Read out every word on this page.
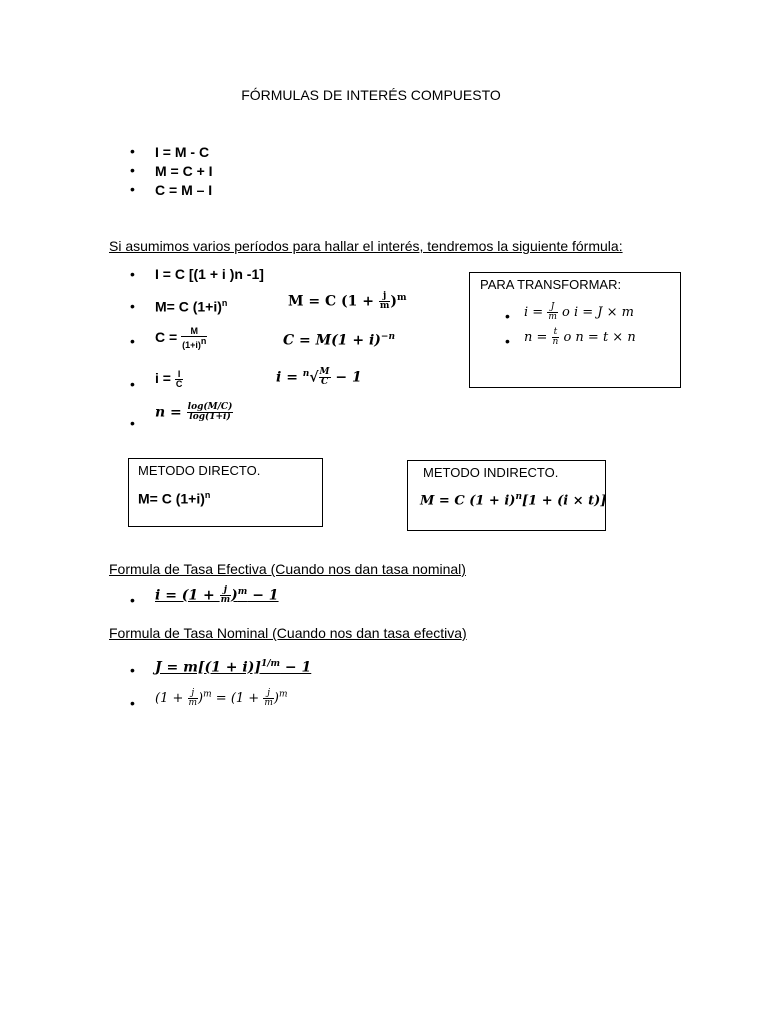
FÓRMULAS DE INTERÉS COMPUESTO
• I = M - C
• M = C + I
• C = M – I
Si asumimos varios períodos para hallar el interés, tendremos la siguiente fórmula:
• I = C [(1 + i )n -1]
• M= C $(1+i)^n$	M = C $(1 + \frac{j}{m} )^m$
• $C = \frac{M}{(1+i)^n}$	$C = M(1 + i)^{-n}$
• $i = \frac{I}{C}$	$i = ^n√ \frac{M}{C} - 1$
•
$n = \frac{\log(M/C)}{\log(1+i)}$
PARA TRANSFORMAR:
• $i = \frac{J}{m}$ o i = J × m
• $n = \frac{t}{n}$ o n = t × n
METODO DIRECTO.
M= C $(1+i)^n$
METODO INDIRECTO.
M = C $(1 + i)^n[1 + (i \times t)]$
Formula de Tasa Efectiva (Cuando nos dan tasa nominal)
• $i = (1 + \frac{j}{m} )^m - 1$
Formula de Tasa Nominal (Cuando nos dan tasa efectiva)
• $J = m[(1 + i)]^{1/m} - 1$
• $(1 + \frac{j}{m} )^m = (1 + \frac{j}{m} )^m$
